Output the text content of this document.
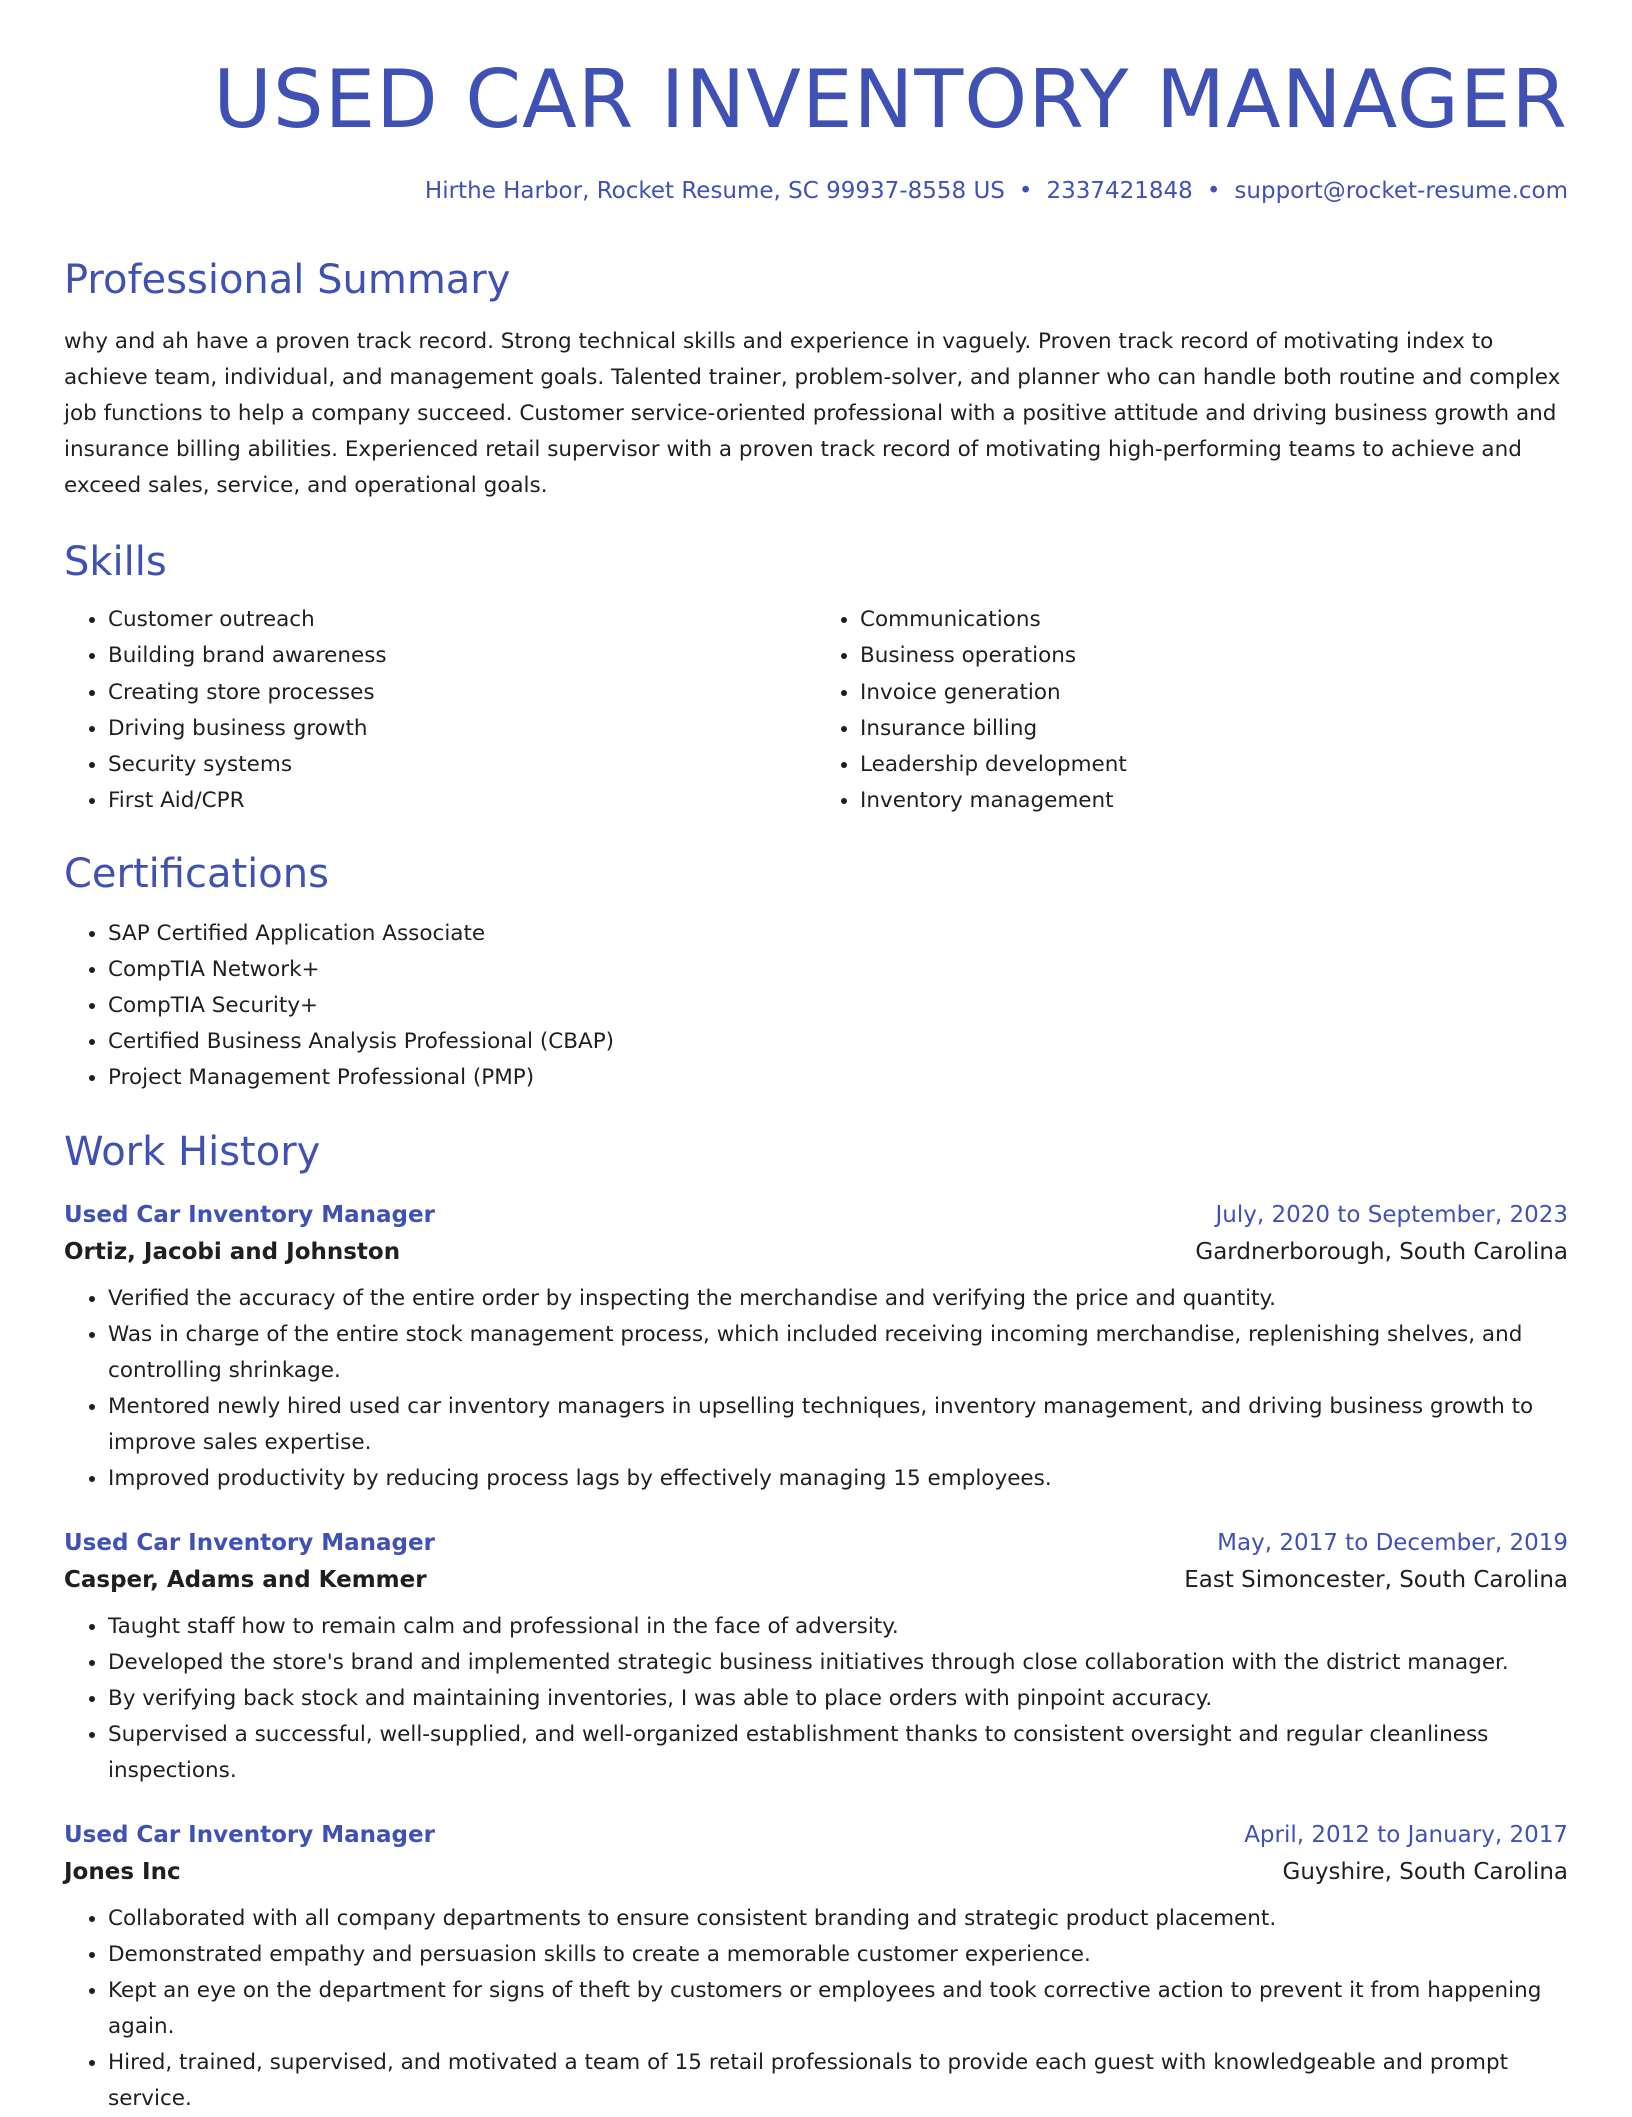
USED CAR INVENTORY MANAGER
Hirthe Harbor, Rocket Resume, SC 99937-8558 US • 2337421848 • support@rocket-resume.com
Professional Summary
why and ah have a proven track record. Strong technical skills and experience in vaguely. Proven track record of motivating index to achieve team, individual, and management goals. Talented trainer, problem-solver, and planner who can handle both routine and complex job functions to help a company succeed. Customer service-oriented professional with a positive attitude and driving business growth and insurance billing abilities. Experienced retail supervisor with a proven track record of motivating high-performing teams to achieve and exceed sales, service, and operational goals.
Skills
• Customer outreach
• Building brand awareness
• Creating store processes
• Driving business growth
• Security systems
• First Aid/CPR
• Communications
• Business operations
• Invoice generation
• Insurance billing
• Leadership development
• Inventory management
Certifications
• SAP Certified Application Associate
• CompTIA Network+
• CompTIA Security+
• Certified Business Analysis Professional (CBAP)
• Project Management Professional (PMP)
Work History
Used Car Inventory Manager	July, 2020 to September, 2023
Ortiz, Jacobi and Johnston	Gardnerborough, South Carolina
• Verified the accuracy of the entire order by inspecting the merchandise and verifying the price and quantity.
• Was in charge of the entire stock management process, which included receiving incoming merchandise, replenishing shelves, and controlling shrinkage.
• Mentored newly hired used car inventory managers in upselling techniques, inventory management, and driving business growth to improve sales expertise.
• Improved productivity by reducing process lags by effectively managing 15 employees.
Used Car Inventory Manager	May, 2017 to December, 2019
Casper, Adams and Kemmer	East Simoncester, South Carolina
• Taught staff how to remain calm and professional in the face of adversity.
• Developed the store's brand and implemented strategic business initiatives through close collaboration with the district manager.
• By verifying back stock and maintaining inventories, I was able to place orders with pinpoint accuracy.
• Supervised a successful, well-supplied, and well-organized establishment thanks to consistent oversight and regular cleanliness inspections.
Used Car Inventory Manager	April, 2012 to January, 2017
Jones Inc	Guyshire, South Carolina
• Collaborated with all company departments to ensure consistent branding and strategic product placement.
• Demonstrated empathy and persuasion skills to create a memorable customer experience.
• Kept an eye on the department for signs of theft by customers or employees and took corrective action to prevent it from happening again.
• Hired, trained, supervised, and motivated a team of 15 retail professionals to provide each guest with knowledgeable and prompt service.
